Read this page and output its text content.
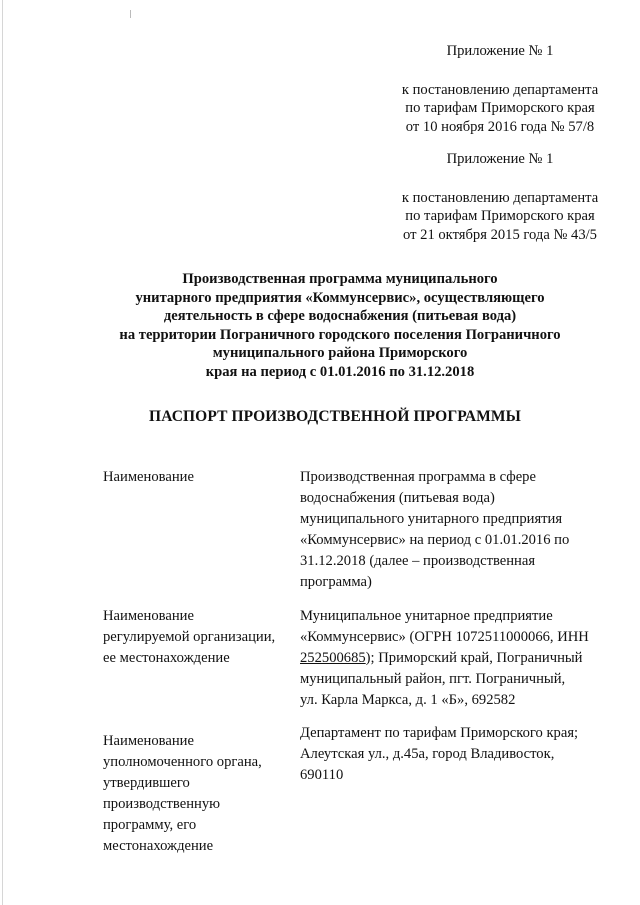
Приложение № 1
к постановлению департамента
по тарифам Приморского края
от 10 ноября 2016 года № 57/8
Приложение № 1
к постановлению департамента
по тарифам Приморского края
от 21 октября 2015 года № 43/5
Производственная программа муниципального
унитарного предприятия «Коммунсервис», осуществляющего
деятельность в сфере водоснабжения (питьевая вода)
на территории Пограничного городского поселения Пограничного
муниципального района Приморского
края на период с 01.01.2016 по 31.12.2018
ПАСПОРТ ПРОИЗВОДСТВЕННОЙ ПРОГРАММЫ
Наименование	Производственная программа в сфере
водоснабжения (питьевая вода)
муниципального унитарного предприятия
«Коммунсервис» на период с 01.01.2016 по
31.12.2018 (далее – производственная
программа)
Наименование
регулируемой организации,
ее местонахождение
Муниципальное унитарное предприятие
«Коммунсервис» (ОГРН 1072511000066, ИНН
252500685); Приморский край, Пограничный
муниципальный район, пгт. Пограничный,
ул. Карла Маркса, д. 1 «Б», 692582
Наименование
уполномоченного органа,
утвердившего
производственную
программу, его
местонахождение
Департамент по тарифам Приморского края;
Алеутская ул., д.45а, город Владивосток,
690110
